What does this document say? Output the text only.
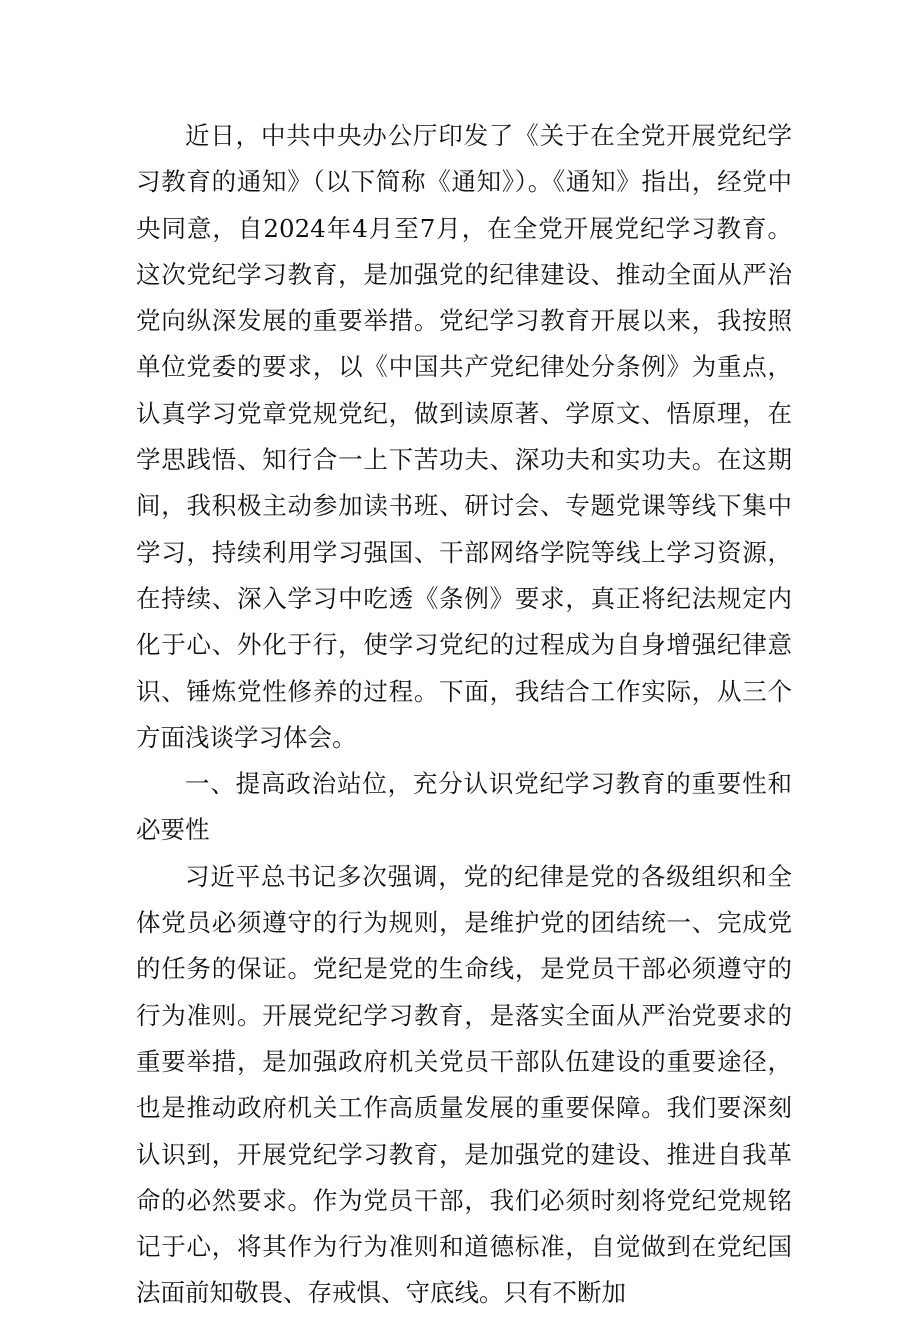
近日，中共中央办公厅印发了《关于在全党开展党纪学习教育的通知》（以下简称《通知》）。《通知》指出，经党中央同意，自2024年4月至7月，在全党开展党纪学习教育。这次党纪学习教育，是加强党的纪律建设、推动全面从严治党向纵深发展的重要举措。党纪学习教育开展以来，我按照单位党委的要求，以《中国共产党纪律处分条例》为重点，认真学习党章党规党纪，做到读原著、学原文、悟原理，在学思践悟、知行合一上下苦功夫、深功夫和实功夫。在这期间，我积极主动参加读书班、研讨会、专题党课等线下集中学习，持续利用学习强国、干部网络学院等线上学习资源，在持续、深入学习中吃透《条例》要求，真正将纪法规定内化于心、外化于行，使学习党纪的过程成为自身增强纪律意识、锤炼党性修养的过程。下面，我结合工作实际，从三个方面浅谈学习体会。

一、提高政治站位，充分认识党纪学习教育的重要性和必要性

习近平总书记多次强调，党的纪律是党的各级组织和全体党员必须遵守的行为规则，是维护党的团结统一、完成党的任务的保证。党纪是党的生命线，是党员干部必须遵守的行为准则。开展党纪学习教育，是落实全面从严治党要求的重要举措，是加强政府机关党员干部队伍建设的重要途径，也是推动政府机关工作高质量发展的重要保障。我们要深刻认识到，开展党纪学习教育，是加强党的建设、推进自我革命的必然要求。作为党员干部，我们必须时刻将党纪党规铭记于心，将其作为行为准则和道德标准，自觉做到在党纪国法面前知敬畏、存戒惧、守底线。只有不断加
